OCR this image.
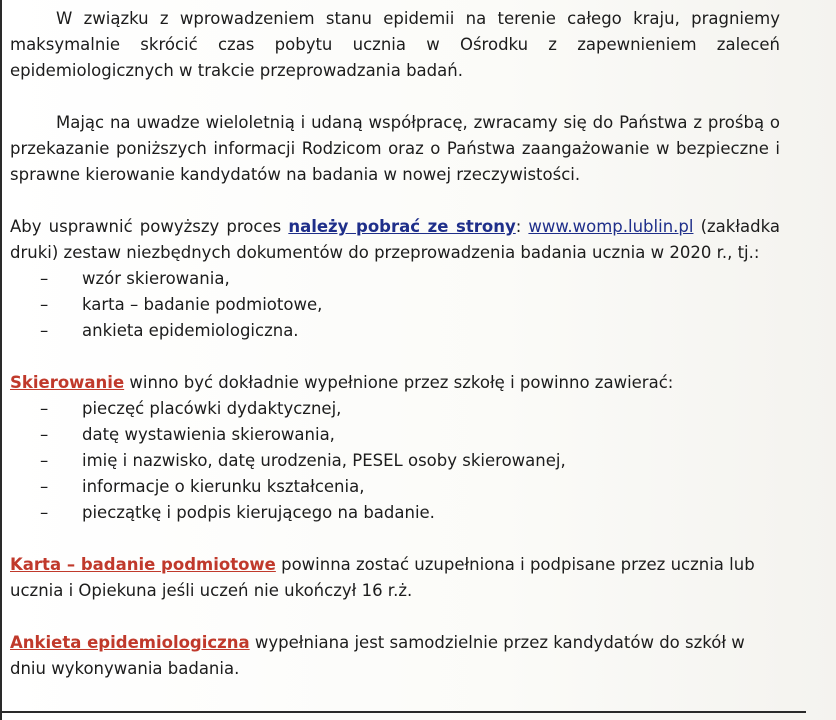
W związku z wprowadzeniem stanu epidemii na terenie całego kraju, pragniemy maksymalnie skrócić czas pobytu ucznia w Ośrodku z zapewnieniem zaleceń epidemiologicznych w trakcie przeprowadzania badań.

Mając na uwadze wieloletnią i udaną współpracę, zwracamy się do Państwa z prośbą o przekazanie poniższych informacji Rodzicom oraz o Państwa zaangażowanie w bezpieczne i sprawne kierowanie kandydatów na badania w nowej rzeczywistości.

Aby usprawnić powyższy proces należy pobrać ze strony: www.womp.lublin.pl (zakładka druki) zestaw niezbędnych dokumentów do przeprowadzenia badania ucznia w 2020 r., tj.:

– wzór skierowania,
– karta – badanie podmiotowe,
– ankieta epidemiologiczna.

Skierowanie winno być dokładnie wypełnione przez szkołę i powinno zawierać:

– pieczęć placówki dydaktycznej,
– datę wystawienia skierowania,
– imię i nazwisko, datę urodzenia, PESEL osoby skierowanej,
– informacje o kierunku kształcenia,
– pieczątkę i podpis kierującego na badanie.

Karta – badanie podmiotowe powinna zostać uzupełniona i podpisane przez ucznia lub ucznia i Opiekuna jeśli uczeń nie ukończył 16 r.ż.

Ankieta epidemiologiczna wypełniana jest samodzielnie przez kandydatów do szkół w dniu wykonywania badania.
